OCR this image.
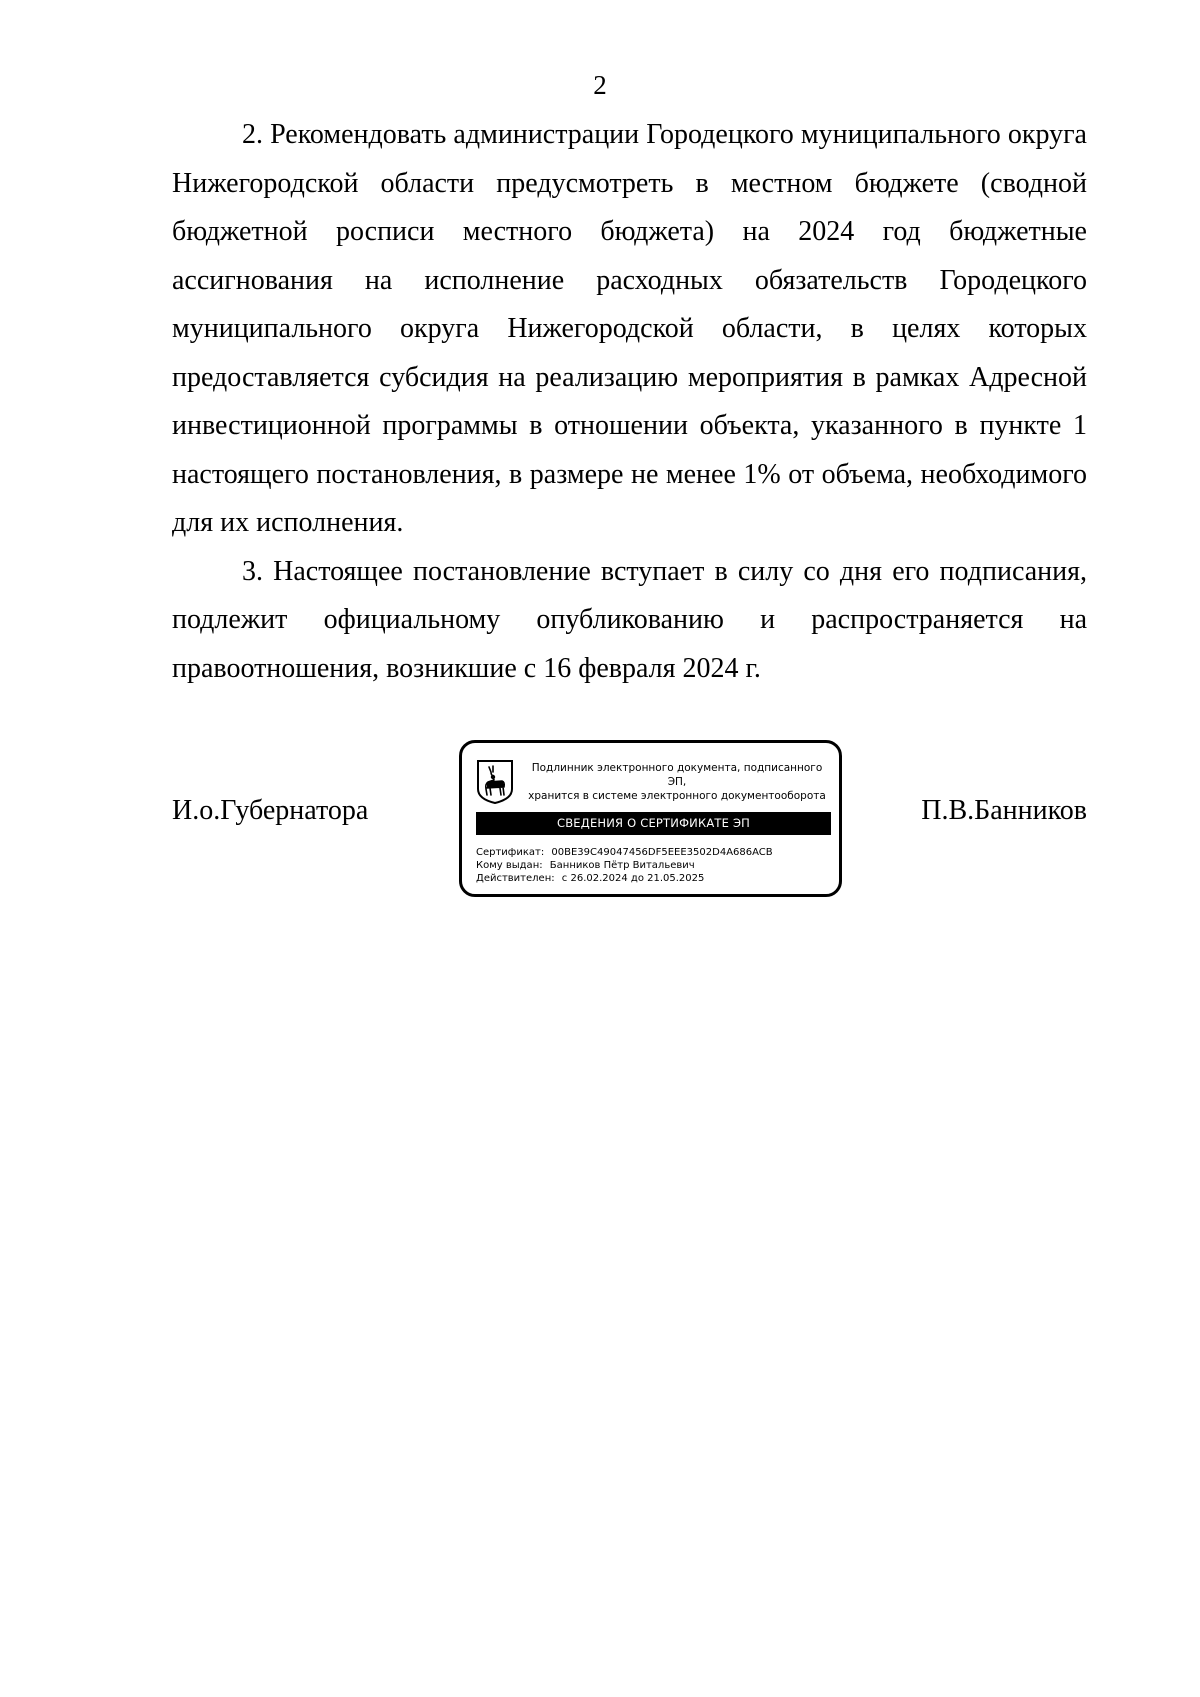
2

2. Рекомендовать администрации Городецкого муниципального округа Нижегородской области предусмотреть в местном бюджете (сводной бюджетной росписи местного бюджета) на 2024 год бюджетные ассигнования на исполнение расходных обязательств Городецкого муниципального округа Нижегородской области, в целях которых предоставляется субсидия на реализацию мероприятия в рамках Адресной инвестиционной программы в отношении объекта, указанного в пункте 1 настоящего постановления, в размере не менее 1% от объема, необходимого для их исполнения.

3. Настоящее постановление вступает в силу со дня его подписания, подлежит официальному опубликованию и распространяется на правоотношения, возникшие с 16 февраля 2024 г.

И.о.Губернатора
Подлинник электронного документа, подписанного ЭП,
хранится в системе электронного документооборота
СВЕДЕНИЯ О СЕРТИФИКАТЕ ЭП
Сертификат: 00BE39C49047456DF5EEE3502D4A686ACB
Кому выдан: Банников Пётр Витальевич
Действителен: с 26.02.2024 до 21.05.2025
П.В.Банников
